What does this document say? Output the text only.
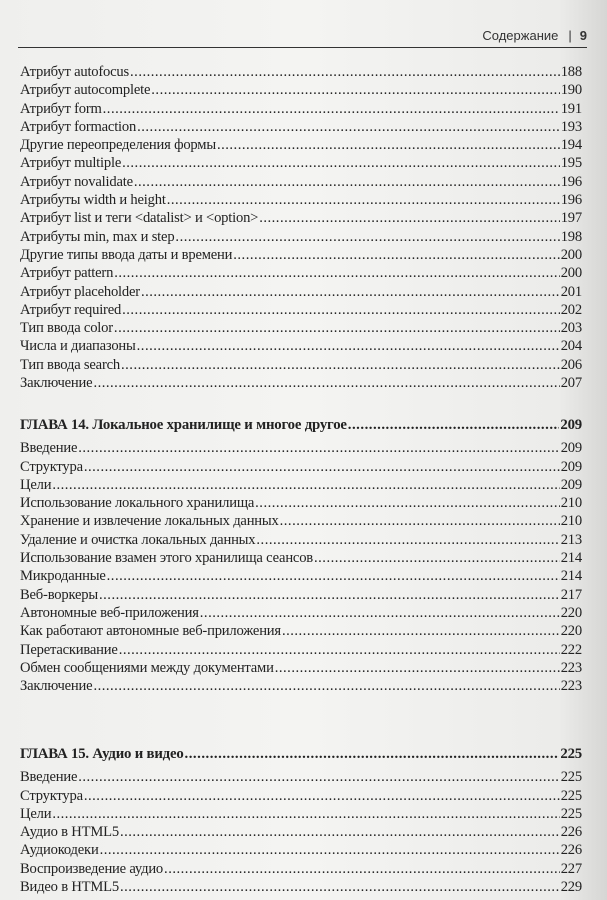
Содержание | 9
Атрибут autofocus .....	188
Атрибут autocomplete .....	190
Атрибут form .....	191
Атрибут formaction .....	193
Другие переопределения формы .....	194
Атрибут multiple .....	195
Атрибут novalidate .....	196
Атрибуты width и height .....	196
Атрибут list и теги <datalist> и <option> .....	197
Атрибуты min, max и step .....	198
Другие типы ввода даты и времени .....	200
Атрибут pattern .....	200
Атрибут placeholder .....	201
Атрибут required .....	202
Тип ввода color .....	203
Числа и диапазоны .....	204
Тип ввода search .....	206
Заключение .....	207
ГЛАВА 14. Локальное хранилище и многое другое .....	209
Введение .....	209
Структура .....	209
Цели .....	209
Использование локального хранилища .....	210
Хранение и извлечение локальных данных .....	210
Удаление и очистка локальных данных .....	213
Использование взамен этого хранилища сеансов .....	214
Микроданные .....	214
Веб-воркеры .....	217
Автономные веб-приложения .....	220
Как работают автономные веб-приложения .....	220
Перетаскивание .....	222
Обмен сообщениями между документами .....	223
Заключение .....	223
ГЛАВА 15. Аудио и видео .....	225
Введение .....	225
Структура .....	225
Цели .....	225
Аудио в HTML5 .....	226
Аудиокодеки .....	226
Воспроизведение аудио .....	227
Видео в HTML5 .....	229
